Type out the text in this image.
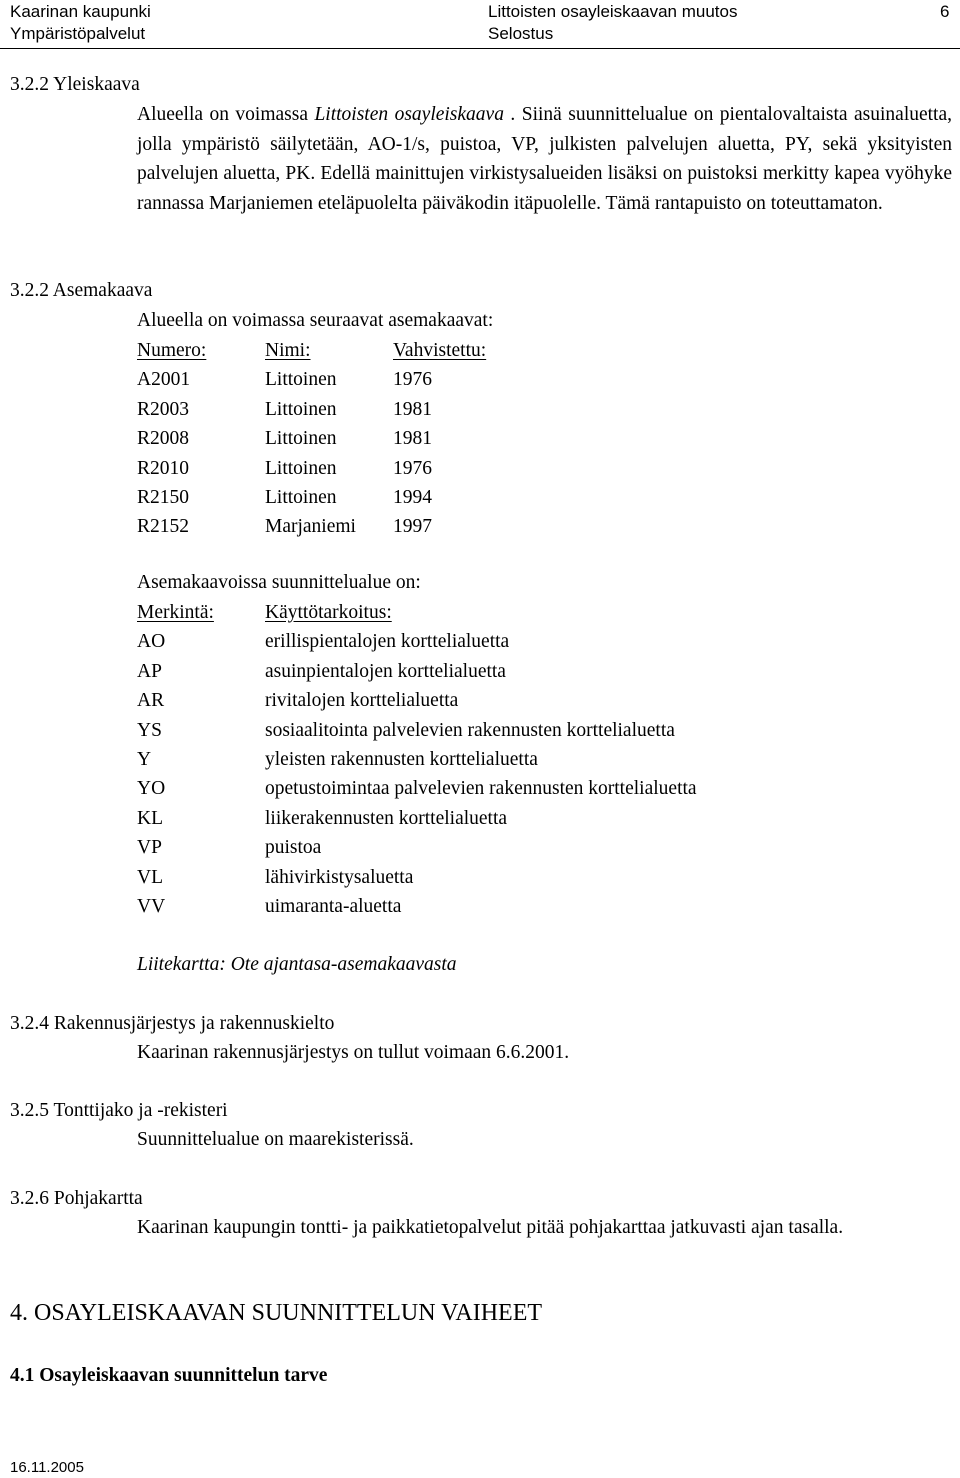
Kaarinan kaupunki
Ympäristöpalvelut
Littoisten osayleiskaavan muutos
Selostus
6
3.2.2 Yleiskaava
Alueella on voimassa Littoisten osayleiskaava . Siinä suunnittelualue on pientalovaltaista asuinaluetta, jolla ympäristö säilytetään, AO-1/s, puistoa, VP, julkisten palvelujen aluetta, PY, sekä yksityisten palvelujen aluetta, PK. Edellä mainittujen virkistysalueiden lisäksi on puistoksi merkitty kapea vyöhyke rannassa Marjaniemen eteläpuolelta päiväkodin itäpuolelle. Tämä rantapuisto on toteuttamaton.
3.2.2 Asemakaava
Alueella on voimassa seuraavat asemakaavat:
Numero:
A2001
R2003
R2008
R2010
R2150
R2152
Nimi:
Littoinen
Littoinen
Littoinen
Littoinen
Littoinen
Marjaniemi
Vahvistettu:
1976
1981
1981
1976
1994
1997
Asemakaavoissa suunnittelualue on:
Merkintä:
AO
AP
AR
YS
Y
YO
KL
VP
VL
VV
Käyttötarkoitus:
erillispientalojen korttelialuetta
asuinpientalojen korttelialuetta
rivitalojen korttelialuetta
sosiaalitointa palvelevien rakennusten korttelialuetta
yleisten rakennusten korttelialuetta
opetustoimintaa palvelevien rakennusten korttelialuetta
liikerakennusten korttelialuetta
puistoa
lähivirkistysaluetta
uimaranta-aluetta
Liitekartta: Ote ajantasa-asemakaavasta
3.2.4 Rakennusjärjestys ja rakennuskielto
Kaarinan rakennusjärjestys on tullut voimaan 6.6.2001.
3.2.5 Tonttijako ja -rekisteri
Suunnittelualue on maarekisterissä.
3.2.6 Pohjakartta
Kaarinan kaupungin tontti- ja paikkatietopalvelut pitää pohjakarttaa jatkuvasti ajan tasalla.
4. OSAYLEISKAAVAN SUUNNITTELUN VAIHEET
4.1 Osayleiskaavan suunnittelun tarve
16.11.2005
